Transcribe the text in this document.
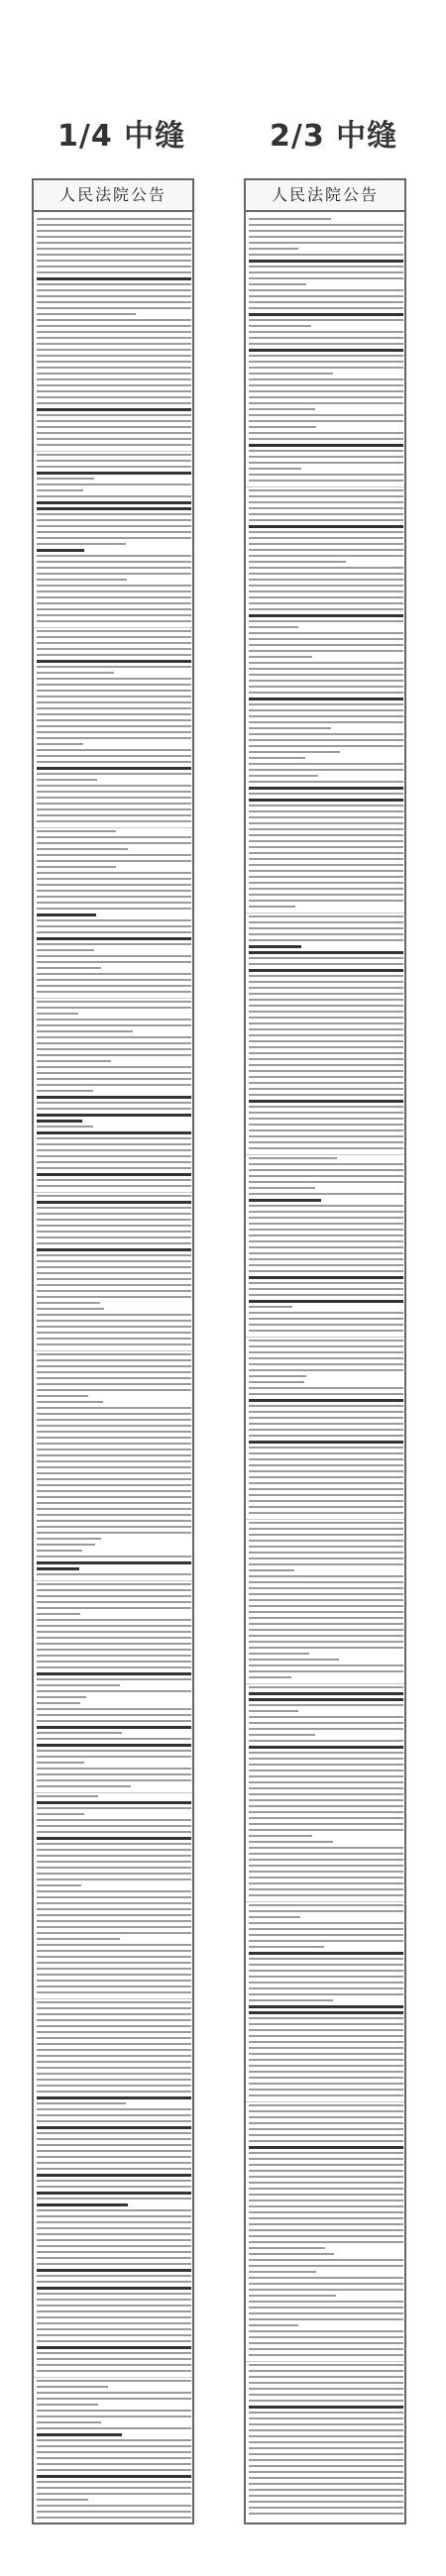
1/4 中缝	2/3 中缝
人民法院公告	人民法院公告
